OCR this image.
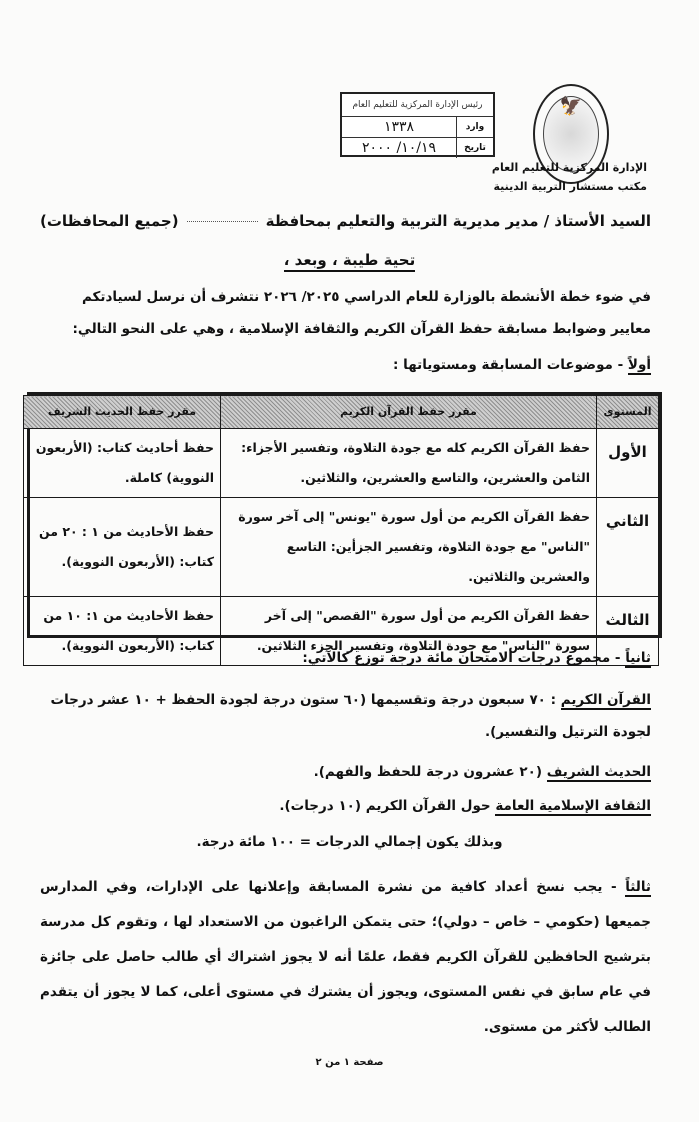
🦅
الإدارة المركزية للتعليم العام
مكتب مستشار التربية الدينية
رئيس الإدارة المركزية للتعليم العام
وارد
١٣٣٨
تاريخ
١٠/١٩/ ٢٠٠٠
السيد الأستاذ / مدير مديرية التربية والتعليم بمحافظة
(جميع المحافظات)
تحية طيبة ، وبعد ،
في ضوء خطة الأنشطة بالوزارة للعام الدراسي ٢٠٢٥/ ٢٠٢٦ نتشرف أن نرسل لسيادتكم
معايير وضوابط مسابقة حفظ القرآن الكريم والثقافة الإسلامية ، وهي على النحو التالي:
أولاً - موضوعات المسابقة ومستوياتها :
المستوى	مقرر حفظ القرآن الكريم	مقرر حفظ الحديث الشريف
الأول	حفظ القرآن الكريم كله مع جودة التلاوة، وتفسير الأجزاء: الثامن والعشرين، والتاسع والعشرين، والثلاثين.	حفظ أحاديث كتاب: (الأربعون النووية) كاملة.
الثاني	حفظ القرآن الكريم من أول سورة "يونس" إلى آخر سورة "الناس" مع جودة التلاوة، وتفسير الجزأين: التاسع والعشرين والثلاثين.	حفظ الأحاديث من ١ : ٢٠ من كتاب: (الأربعون النووية).
الثالث	حفظ القرآن الكريم من أول سورة "القصص" إلى آخر سورة "الناس" مع جودة التلاوة، وتفسير الجزء الثلاثين.	حفظ الأحاديث من ١: ١٠ من كتاب: (الأربعون النووية).
ثانياً - مجموع درجات الامتحان مائة درجة توزع كالآتي:
القرآن الكريم : ٧٠ سبعون درجة وتقسيمها (٦٠ ستون درجة لجودة الحفظ + ١٠ عشر درجات لجودة الترتيل والتفسير).
الحديث الشريف (٢٠ عشرون درجة للحفظ والفهم).
الثقافة الإسلامية العامة حول القرآن الكريم (١٠ درجات).
وبذلك يكون إجمالي الدرجات = ١٠٠ مائة درجة.
ثالثاً - يجب نسخ أعداد كافية من نشرة المسابقة وإعلانها على الإدارات، وفي المدارس جميعها (حكومي – خاص – دولي)؛ حتى يتمكن الراغبون من الاستعداد لها ، وتقوم كل مدرسة بترشيح الحافظين للقرآن الكريم فقط، علمًا أنه لا يجوز اشتراك أي طالب حاصل على جائزة في عام سابق في نفس المستوى، ويجوز أن يشترك في مستوى أعلى، كما لا يجوز أن يتقدم الطالب لأكثر من مستوى.
صفحة ١ من ٢
